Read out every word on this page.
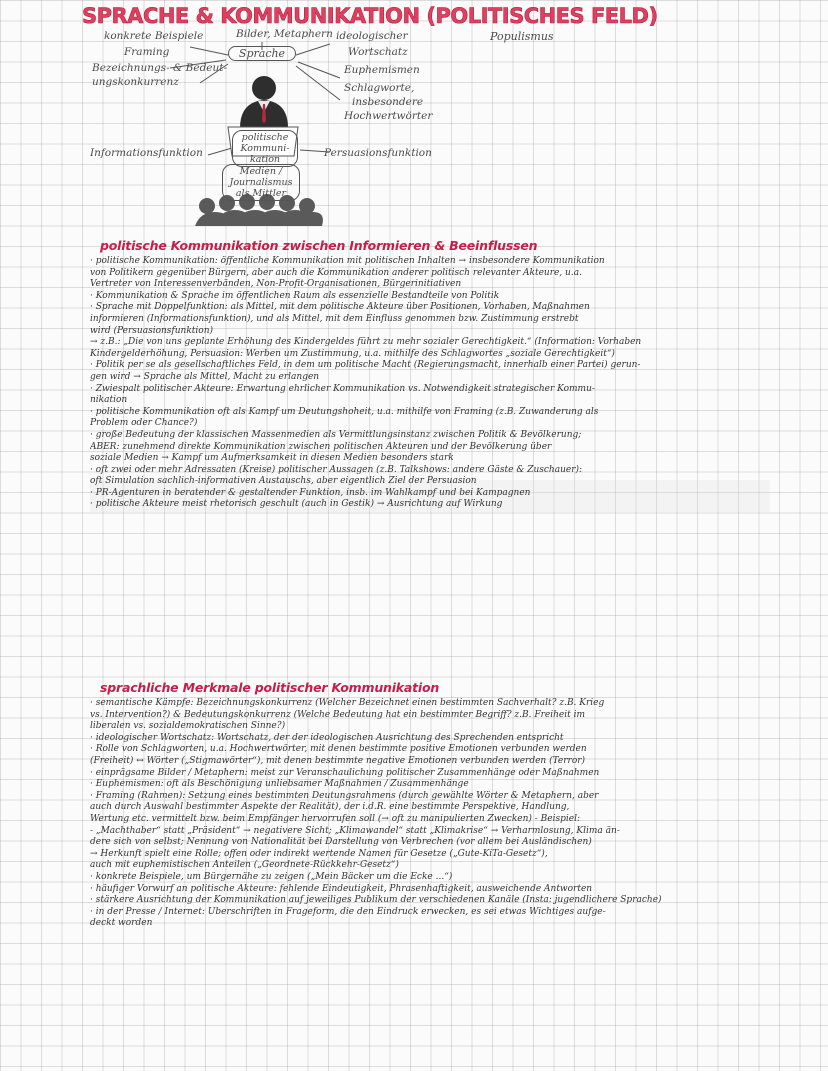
SPRACHE & KOMMUNIKATION (POLITISCHES FELD)
konkrete Beispiele
Framing
Bezeichnungs- & Bedeut-
ungskonkurrenz
Bilder, Metaphern
Sprache
ideologischer
Wortschatz
Euphemismen
Schlagworte,
insbesondere
Hochwertwörter
Populismus
Informationsfunktion
politische Kommuni- kation
Persuasionsfunktion
Medien / Journalismus als Mittler
politische Kommunikation zwischen Informieren & Beeinflussen
· politische Kommunikation: öffentliche Kommunikation mit politischen Inhalten → insbesondere Kommunikation
von Politikern gegenüber Bürgern, aber auch die Kommunikation anderer politisch relevanter Akteure, u.a.
Vertreter von Interessenverbänden, Non-Profit-Organisationen, Bürgerinitiativen
· Kommunikation & Sprache im öffentlichen Raum als essenzielle Bestandteile von Politik
· Sprache mit Doppelfunktion: als Mittel, mit dem politische Akteure über Positionen, Vorhaben, Maßnahmen
informieren (Informationsfunktion), und als Mittel, mit dem Einfluss genommen bzw. Zustimmung erstrebt
wird (Persuasionsfunktion)
→ z.B.: „Die von uns geplante Erhöhung des Kindergeldes führt zu mehr sozialer Gerechtigkeit.“ (Information: Vorhaben
Kindergelderhöhung, Persuasion: Werben um Zustimmung, u.a. mithilfe des Schlagwortes „soziale Gerechtigkeit“)
· Politik per se als gesellschaftliches Feld, in dem um politische Macht (Regierungsmacht, innerhalb einer Partei) gerun-
gen wird → Sprache als Mittel, Macht zu erlangen
· Zwiespalt politischer Akteure: Erwartung ehrlicher Kommunikation vs. Notwendigkeit strategischer Kommu-
nikation
· politische Kommunikation oft als Kampf um Deutungshoheit, u.a. mithilfe von Framing (z.B. Zuwanderung als
Problem oder Chance?)
· große Bedeutung der klassischen Massenmedien als Vermittlungsinstanz zwischen Politik & Bevölkerung;
ABER: zunehmend direkte Kommunikation zwischen politischen Akteuren und der Bevölkerung über
soziale Medien → Kampf um Aufmerksamkeit in diesen Medien besonders stark
· oft zwei oder mehr Adressaten (Kreise) politischer Aussagen (z.B. Talkshows: andere Gäste & Zuschauer):
oft Simulation sachlich-informativen Austauschs, aber eigentlich Ziel der Persuasion
· PR-Agenturen in beratender & gestaltender Funktion, insb. im Wahlkampf und bei Kampagnen
· politische Akteure meist rhetorisch geschult (auch in Gestik) → Ausrichtung auf Wirkung
sprachliche Merkmale politischer Kommunikation
· semantische Kämpfe: Bezeichnungskonkurrenz (Welcher Bezeichnet einen bestimmten Sachverhalt? z.B. Krieg
vs. Intervention?) & Bedeutungskonkurrenz (Welche Bedeutung hat ein bestimmter Begriff? z.B. Freiheit im
liberalen vs. sozialdemokratischen Sinne?)
· ideologischer Wortschatz: Wortschatz, der der ideologischen Ausrichtung des Sprechenden entspricht
· Rolle von Schlagworten, u.a. Hochwertwörter, mit denen bestimmte positive Emotionen verbunden werden
(Freiheit) ↔ Wörter („Stigmawörter“), mit denen bestimmte negative Emotionen verbunden werden (Terror)
· einprägsame Bilder / Metaphern: meist zur Veranschaulichung politischer Zusammenhänge oder Maßnahmen
· Euphemismen: oft als Beschönigung unliebsamer Maßnahmen / Zusammenhänge
· Framing (Rahmen): Setzung eines bestimmten Deutungsrahmens (durch gewählte Wörter & Metaphern, aber
auch durch Auswahl bestimmter Aspekte der Realität), der i.d.R. eine bestimmte Perspektive, Handlung,
Wertung etc. vermittelt bzw. beim Empfänger hervorrufen soll (→ oft zu manipulierten Zwecken) - Beispiel:
- „Machthaber“ statt „Präsident“ → negativere Sicht; „Klimawandel“ statt „Klimakrise“ → Verharmlosung, Klima än-
dere sich von selbst; Nennung von Nationalität bei Darstellung von Verbrechen (vor allem bei Ausländischen)
→ Herkunft spielt eine Rolle; offen oder indirekt wertende Namen für Gesetze („Gute-KiTa-Gesetz“),
auch mit euphemistischen Anteilen („Geordnete-Rückkehr-Gesetz“)
· konkrete Beispiele, um Bürgernähe zu zeigen („Mein Bäcker um die Ecke ...“)
· häufiger Vorwurf an politische Akteure: fehlende Eindeutigkeit, Phrasenhaftigkeit, ausweichende Antworten
· stärkere Ausrichtung der Kommunikation auf jeweiliges Publikum der verschiedenen Kanäle (Insta: jugendlichere Sprache)
· in der Presse / Internet: Überschriften in Frageform, die den Eindruck erwecken, es sei etwas Wichtiges aufge-
deckt worden
